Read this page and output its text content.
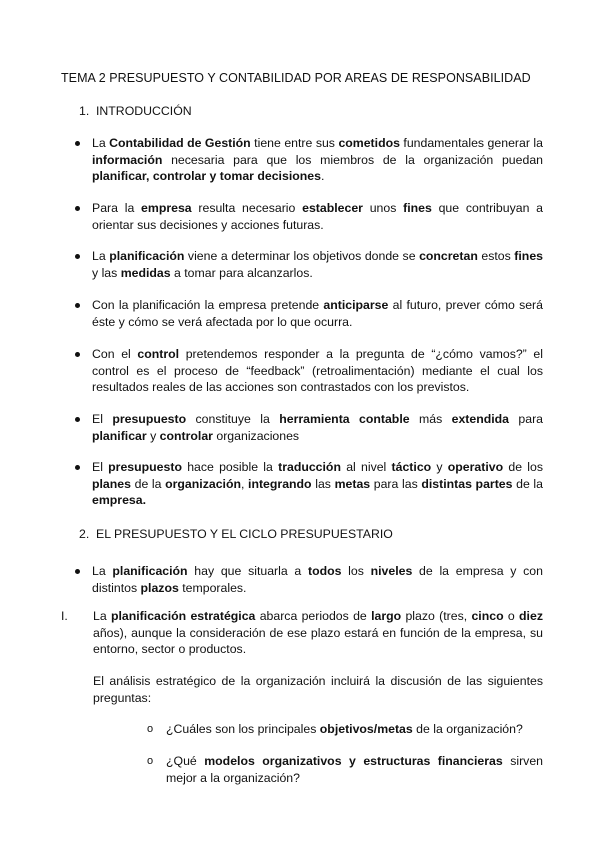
TEMA 2 PRESUPUESTO Y CONTABILIDAD POR AREAS DE RESPONSABILIDAD
1. INTRODUCCIÓN
La Contabilidad de Gestión tiene entre sus cometidos fundamentales generar la información necesaria para que los miembros de la organización puedan planificar, controlar y tomar decisiones.
Para la empresa resulta necesario establecer unos fines que contribuyan a orientar sus decisiones y acciones futuras.
La planificación viene a determinar los objetivos donde se concretan estos fines y las medidas a tomar para alcanzarlos.
Con la planificación la empresa pretende anticiparse al futuro, prever cómo será éste y cómo se verá afectada por lo que ocurra.
Con el control pretendemos responder a la pregunta de “¿cómo vamos?” el control es el proceso de “feedback” (retroalimentación) mediante el cual los resultados reales de las acciones son contrastados con los previstos.
El presupuesto constituye la herramienta contable más extendida para planificar y controlar organizaciones
El presupuesto hace posible la traducción al nivel táctico y operativo de los planes de la organización, integrando las metas para las distintas partes de la empresa.
2. EL PRESUPUESTO Y EL CICLO PRESUPUESTARIO
La planificación hay que situarla a todos los niveles de la empresa y con distintos plazos temporales.
I. La planificación estratégica abarca periodos de largo plazo (tres, cinco o diez años), aunque la consideración de ese plazo estará en función de la empresa, su entorno, sector o productos.
El análisis estratégico de la organización incluirá la discusión de las siguientes preguntas:
o ¿Cuáles son los principales objetivos/metas de la organización?
o ¿Qué modelos organizativos y estructuras financieras sirven mejor a la organización?
